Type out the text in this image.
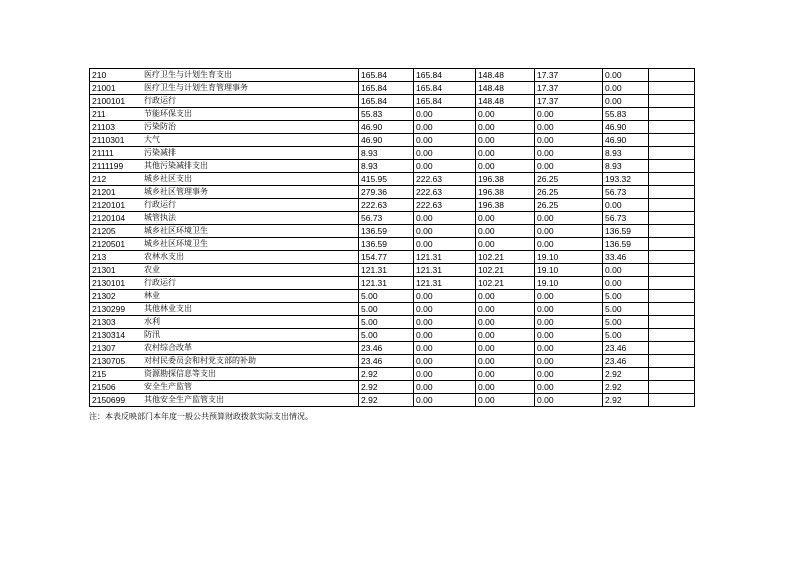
210 医疗卫生与计划生育支出	165.84	165.84	148.48	17.37	0.00	

21001 医疗卫生与计划生育管理事务	165.84	165.84	148.48	17.37	0.00	

2100101 行政运行	165.84	165.84	148.48	17.37	0.00	

211 节能环保支出	55.83	0.00	0.00	0.00	55.83	

21103 污染防治	46.90	0.00	0.00	0.00	46.90	

2110301 大气	46.90	0.00	0.00	0.00	46.90	

21111 污染减排	8.93	0.00	0.00	0.00	8.93	

2111199 其他污染减排支出	8.93	0.00	0.00	0.00	8.93	

212 城乡社区支出	415.95	222.63	196.38	26.25	193.32	

21201 城乡社区管理事务	279.36	222.63	196.38	26.25	56.73	

2120101 行政运行	222.63	222.63	196.38	26.25	0.00	

2120104 城管执法	56.73	0.00	0.00	0.00	56.73	

21205 城乡社区环境卫生	136.59	0.00	0.00	0.00	136.59	

2120501 城乡社区环境卫生	136.59	0.00	0.00	0.00	136.59	

213 农林水支出	154.77	121.31	102.21	19.10	33.46	

21301 农业	121.31	121.31	102.21	19.10	0.00	

2130101 行政运行	121.31	121.31	102.21	19.10	0.00	

21302 林业	5.00	0.00	0.00	0.00	5.00	

2130299 其他林业支出	5.00	0.00	0.00	0.00	5.00	

21303 水利	5.00	0.00	0.00	0.00	5.00	

2130314 防汛	5.00	0.00	0.00	0.00	5.00	

21307 农村综合改革	23.46	0.00	0.00	0.00	23.46	

2130705 对村民委员会和村党支部的补助	23.46	0.00	0.00	0.00	23.46	

215 资源勘探信息等支出	2.92	0.00	0.00	0.00	2.92	

21506 安全生产监管	2.92	0.00	0.00	0.00	2.92	

2150699 其他安全生产监管支出	2.92	0.00	0.00	0.00	2.92	
注：本表反映部门本年度一般公共预算财政拨款实际支出情况。
